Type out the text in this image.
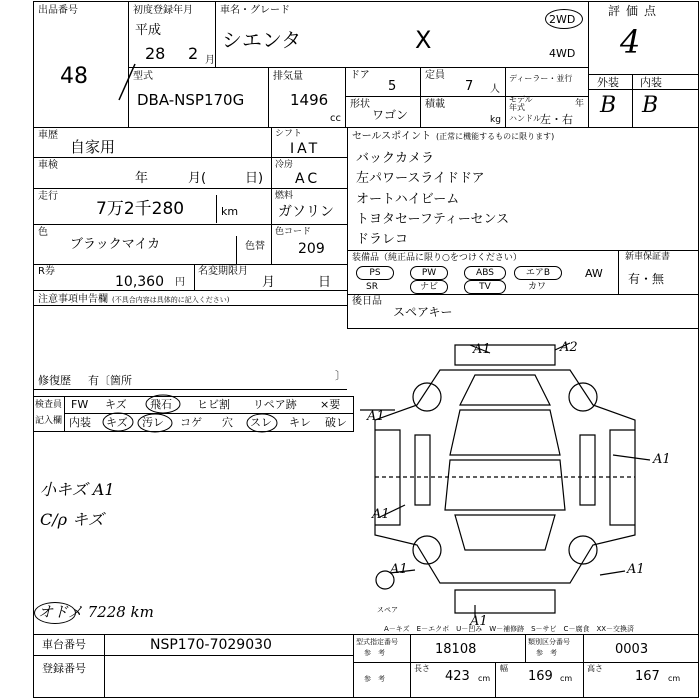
出品番号
48
初度登録年月
平成
28 2 月
車名・グレード
シエンタ	X
2WD
4WD
評価点
4
外装 内装
B B
型式
DBA-NSP170G
排気量
1496
cc
ドア
5
定員
7 人
ディーラー・並行
形状
ワゴン
積載
kg
モデル 年式	年
ハンドル 左・右
車歴
自家用
シフト
IAT
車検
年	月(	日)
冷房
AC
走行
7万2千280	km
燃料
ガソリン
色
ブラックマイカ
色コード
209
色替
R券
10,360 円
名変期限月
月	日
セールスポイント (正常に機能するものに限ります)
バックカメラ
左パワースライドドア
オートハイビーム
トヨタセーフティーセンス
ドラレコ
装備品（純正品に限り○をつけください）	新車保証書
有・無
PS	PW	ABS	エアB	AW
SR	ナビ	TV	カワ
後日品
スペアキー
注意事項申告欄 (不具合内容は具体的に記入ください)
修復歴 有〔箇所	〕
検査員
記入欄
FW キズ 飛石 ヒビ割 リペア跡 ×要
内装 キズ 汚レ コゲ 穴 スレ キレ 破レ
小キズ A1
C/ρ キズ
オドメ 7228 km
A1	A2
A1
A1
A1
A1	A1
A1
スペア
A－キズ　E－エクボ　U－凹み　W－補修跡　S－サビ　C－腐食　XX－交換済
車台番号	NSP170-7029030
登録番号
型式指定番号
参　考	18108	類別区分番号
参　考	0003
参　考
長さ
423 cm
幅
169 cm
高さ
167 cm
